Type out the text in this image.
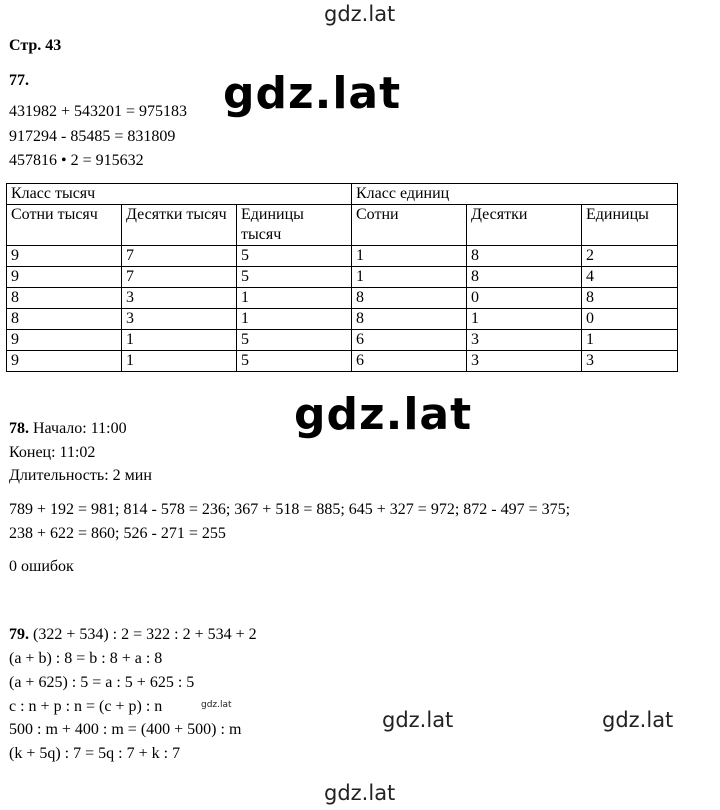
gdz.lat
Стр. 43
77.
431982 + 543201 = 975183
917294 - 85485 = 831809
457816 • 2 = 915632
gdz.lat
Класс тысяч			Класс единиц		
Сотни тысяч	Десятки тысяч	Единицы тысяч	Сотни	Десятки	Единицы
9	7	5	1	8	2
9	7	5	1	8	4
8	3	1	8	0	8
8	3	1	8	1	0
9	1	5	6	3	1
9	1	5	6	3	3
78. Начало: 11:00
Конец: 11:02
Длительность: 2 мин
gdz.lat
789 + 192 = 981; 814 - 578 = 236; 367 + 518 = 885; 645 + 327 = 972; 872 - 497 = 375;
238 + 622 = 860; 526 - 271 = 255
0 ошибок
79. (322 + 534) : 2 = 322 : 2 + 534 + 2
(a + b) : 8 = b : 8 + a : 8
(a + 625) : 5 = a : 5 + 625 : 5
c : n + p : n = (c + p) : n
500 : m + 400 : m = (400 + 500) : m
(k + 5q) : 7 = 5q : 7 + k : 7
gdz.lat
gdz.lat	gdz.lat
gdz.lat
